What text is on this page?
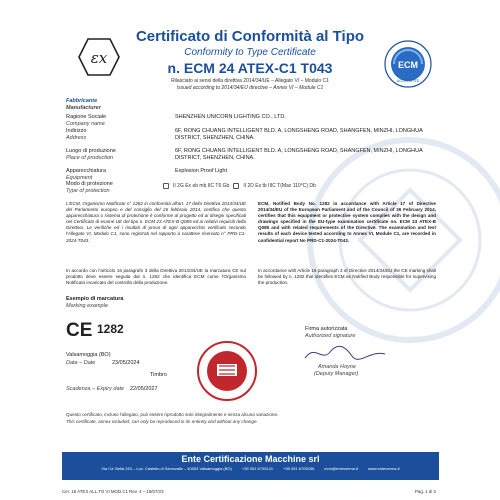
εx
Certificato di Conformità al Tipo
Conformity to Type Certificate
n. ECM 24 ATEX-C1 T043
Rilasciato ai sensi della direttiva 2014/34/UE – Allegato VI – Modulo C1
Issued according to 2014/34/EU directive – Annex VI – Module C1
ECM
ACCREDITED
Fabbricante
Manufacturer
Ragione Sociale
Company name
SHENZHEN UNICORN LIGHTING CO., LTD.
Indirizzo
Address
6F, RONG CHUANG INTELLIGENT BLD. A, LONGSHENG ROAD, SHANGFEN, MINZHI, LONGHUA DISTRICT, SHENZHEN, CHINA.
Luogo di produzione
Place of production
6F, RONG CHUANG INTELLIGENT BLD. A, LONGSHENG ROAD, SHANGFEN, MINZHI, LONGHUA DISTRICT, SHENZHEN, CHINA.
Apparecchiatura
Equipment
Explosion Proof Light
Modo di protezione
Type of protection
II 2G Ex eb mb IIC T6 Gb	II 2D Ex tb IIIC T(Max 110°C) Db
L'ECM, Organismo Notificato n° 1282 in conformità all'art. 17 della Direttiva 2014/34/UE del Parlamento europeo e del consiglio del 26 febbraio 2014, certifica che questo apparecchiatura o sistema di protezione è conforme al progetto ed ai disegni specificati nel Certificato di esame UE del tipo n. ECM 23 ATEX-B Q085 ed ai relativi requisiti della Direttiva. Le verifiche ed i risultati di prova di ogni apparecchio verificato secondo l'Allegato VI, Modulo C1, sono registrati nel rapporto a carattere riservato n° PRD-C1-2024-T043.
ECM, Notified Body No. 1282 in accordance with Article 17 of Directive 2014/34/EU of the European Parliament and of the Council of 26 February 2014, certifies that this equipment or protective system complies with the design and drawings specified in the EU-type examination certificate no. ECM 23 ATEX-B Q085 and with related requirements of the Directive. The examination and test results of each device tested according to Annex VI, Module C1, are recorded in confidential report No PRD-C1-2024-T043.
In accordo con l'articolo 16 paragrafo 3 della Direttiva 2014/34/UE la marcatura CE sul prodotto deve essere seguita dal n. 1282 che identifica ECM come l'Organismo Notificato incaricato del controllo della produzione.
In accordance with Article 16 paragraph 3 of Directive 2014/34/EU the CE marking shall be followed by n. 1282 that identifies ECM as Notified Body responsible for supervising the production.
Esempio di marcatura
Marking example
CE 1282
Valsamoggia (BO)
Data – Date	23/05/2024
Timbro
Scadenza – Expiry date 22/05/2027
Firma autorizzata
Authorized signature
Amanda Hoyne
(Deputy Manager)
Questo certificato, incluso l'allegato, può essere riprodotto solo integralmente e senza alcuna variazione.
This certificate, annex included, can only be reproduced in its entirety and without any change.
Ente Certificazione Macchine srl
Via Ca' Bella 243 – Loc. Castello di Serravalle – 40053 Valsamoggia (BO)	+39 051 6705141	+39 051 6705156	ecm@entecerma.it	www.entecerma.it
Cer. 18 ATEX ALL.TO VI MOD.C1 Rev. 4 – 18/07/23	Pag. 1 di 2
